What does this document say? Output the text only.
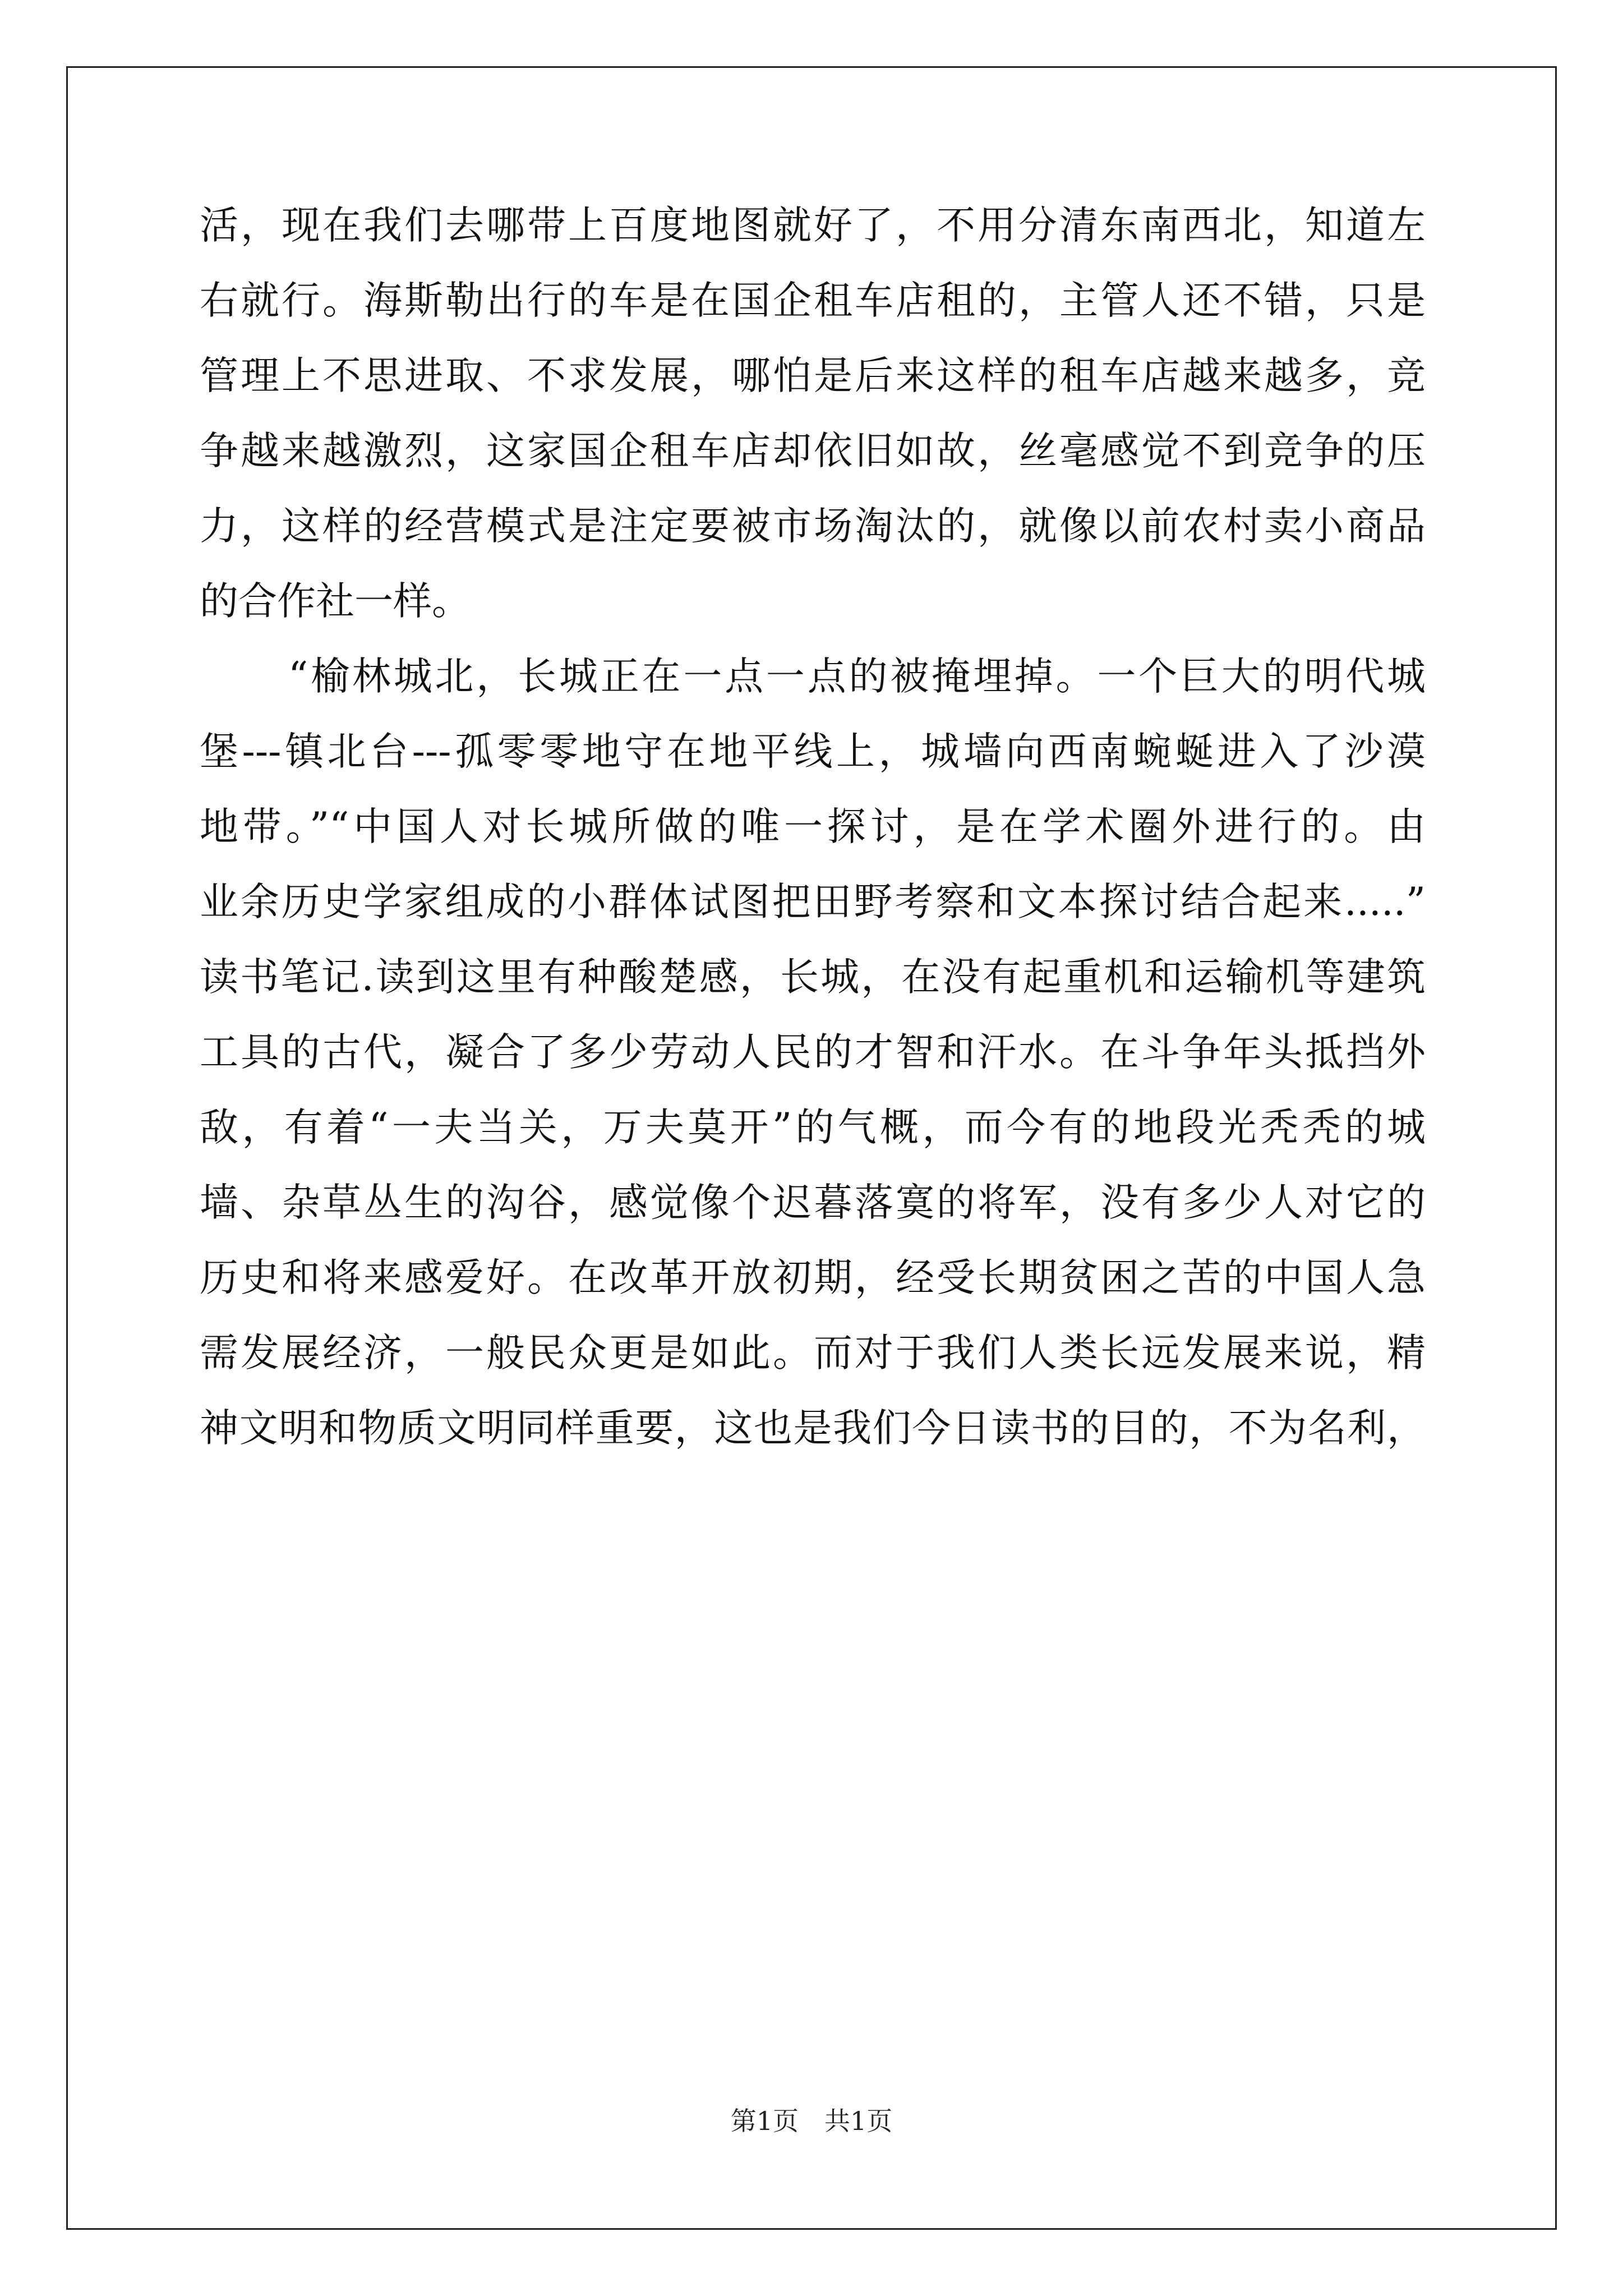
活，现在我们去哪带上百度地图就好了，不用分清东南西北，知道左
右就行。海斯勒出行的车是在国企租车店租的，主管人还不错，只是
管理上不思进取、不求发展，哪怕是后来这样的租车店越来越多，竞
争越来越激烈，这家国企租车店却依旧如故，丝毫感觉不到竞争的压
力，这样的经营模式是注定要被市场淘汰的，就像以前农村卖小商品
的合作社一样。
“榆林城北，长城正在一点一点的被掩埋掉。一个巨大的明代城
堡---镇北台---孤零零地守在地平线上，城墙向西南蜿蜒进入了沙漠
地带。”“中国人对长城所做的唯一探讨，是在学术圈外进行的。由
业余历史学家组成的小群体试图把田野考察和文本探讨结合起来.....”
读书笔记.读到这里有种酸楚感，长城，在没有起重机和运输机等建筑
工具的古代，凝合了多少劳动人民的才智和汗水。在斗争年头抵挡外
敌，有着“一夫当关，万夫莫开”的气概，而今有的地段光秃秃的城
墙、杂草丛生的沟谷，感觉像个迟暮落寞的将军，没有多少人对它的
历史和将来感爱好。在改革开放初期，经受长期贫困之苦的中国人急
需发展经济，一般民众更是如此。而对于我们人类长远发展来说，精
神文明和物质文明同样重要，这也是我们今日读书的目的，不为名利，
第1页　共1页
